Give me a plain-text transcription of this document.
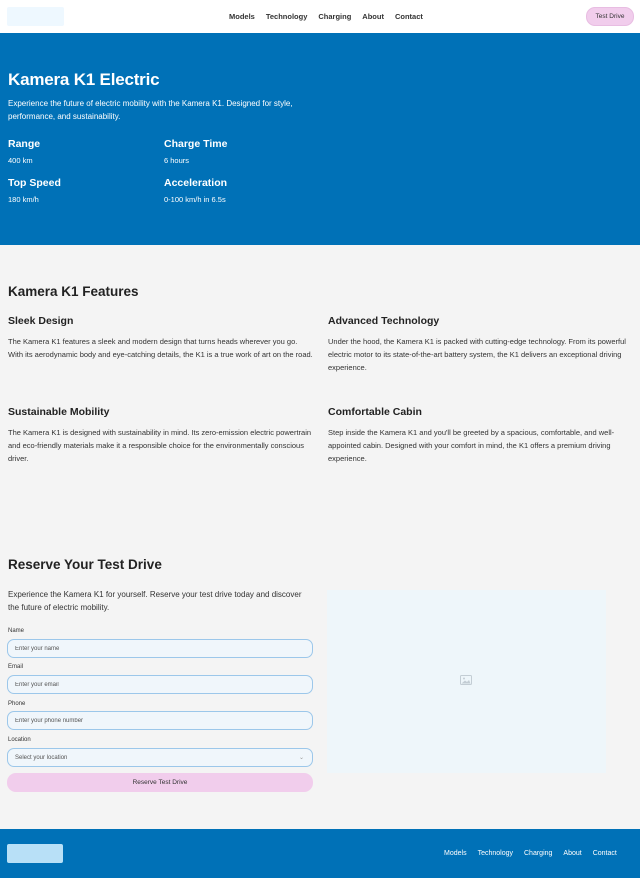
Models Technology Charging About Contact	Test Drive
Kamera K1 Electric

Experience the future of electric mobility with the Kamera K1. Designed for style, performance, and sustainability.

Range
400 km
Charge Time
6 hours
Top Speed
180 km/h
Acceleration
0-100 km/h in 6.5s
Kamera K1 Features
Sleek Design

The Kamera K1 features a sleek and modern design that turns heads wherever you go. With its aerodynamic body and eye-catching details, the K1 is a true work of art on the road.

Advanced Technology

Under the hood, the Kamera K1 is packed with cutting-edge technology. From its powerful electric motor to its state-of-the-art battery system, the K1 delivers an exceptional driving experience.

Sustainable Mobility

The Kamera K1 is designed with sustainability in mind. Its zero-emission electric powertrain and eco-friendly materials make it a responsible choice for the environmentally conscious driver.

Comfortable Cabin

Step inside the Kamera K1 and you'll be greeted by a spacious, comfortable, and well-appointed cabin. Designed with your comfort in mind, the K1 offers a premium driving experience.

Reserve Your Test Drive

Experience the Kamera K1 for yourself. Reserve your test drive today and discover the future of electric mobility.

Name
Enter your name
Email
Enter your email
Phone
Enter your phone number
Location
Select your location	⌄
Reserve Test Drive
Models Technology Charging About Contact
